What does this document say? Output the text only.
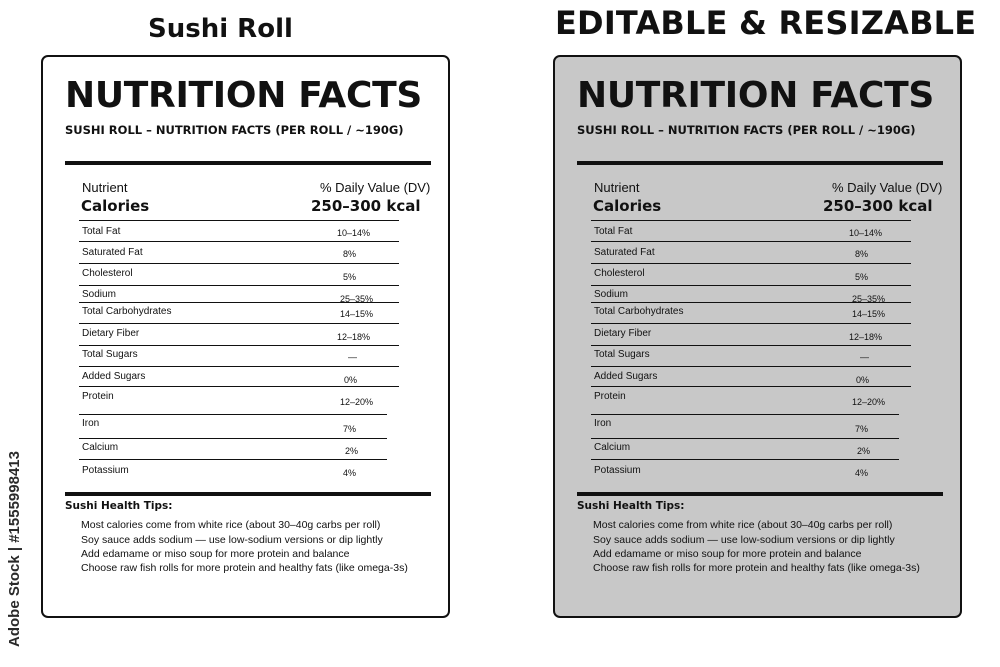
Sushi Roll	EDITABLE & RESIZABLE
NUTRITION FACTS
SUSHI ROLL – NUTRITION FACTS (PER ROLL / ~190G)
Nutrient	% Daily Value (DV)
Calories	250–300 kcal
Total Fat	10–14%
Saturated Fat	8%
Cholesterol	5%
Sodium	25–35%
Total Carbohydrates	14–15%
Dietary Fiber	12–18%
Total Sugars	—
Added Sugars	0%
Protein	12–20%
Iron	7%
Calcium	2%
Potassium	4%
Sushi Health Tips:
Most calories come from white rice (about 30–40g carbs per roll)
Soy sauce adds sodium — use low-sodium versions or dip lightly
Add edamame or miso soup for more protein and balance
Choose raw fish rolls for more protein and healthy fats (like omega-3s)
NUTRITION FACTS
SUSHI ROLL – NUTRITION FACTS (PER ROLL / ~190G)
Nutrient	% Daily Value (DV)
Calories	250–300 kcal
Total Fat	10–14%
Saturated Fat	8%
Cholesterol	5%
Sodium	25–35%
Total Carbohydrates	14–15%
Dietary Fiber	12–18%
Total Sugars	—
Added Sugars	0%
Protein	12–20%
Iron	7%
Calcium	2%
Potassium	4%
Sushi Health Tips:
Most calories come from white rice (about 30–40g carbs per roll)
Soy sauce adds sodium — use low-sodium versions or dip lightly
Add edamame or miso soup for more protein and balance
Choose raw fish rolls for more protein and healthy fats (like omega-3s)
Adobe Stock | #1555998413
